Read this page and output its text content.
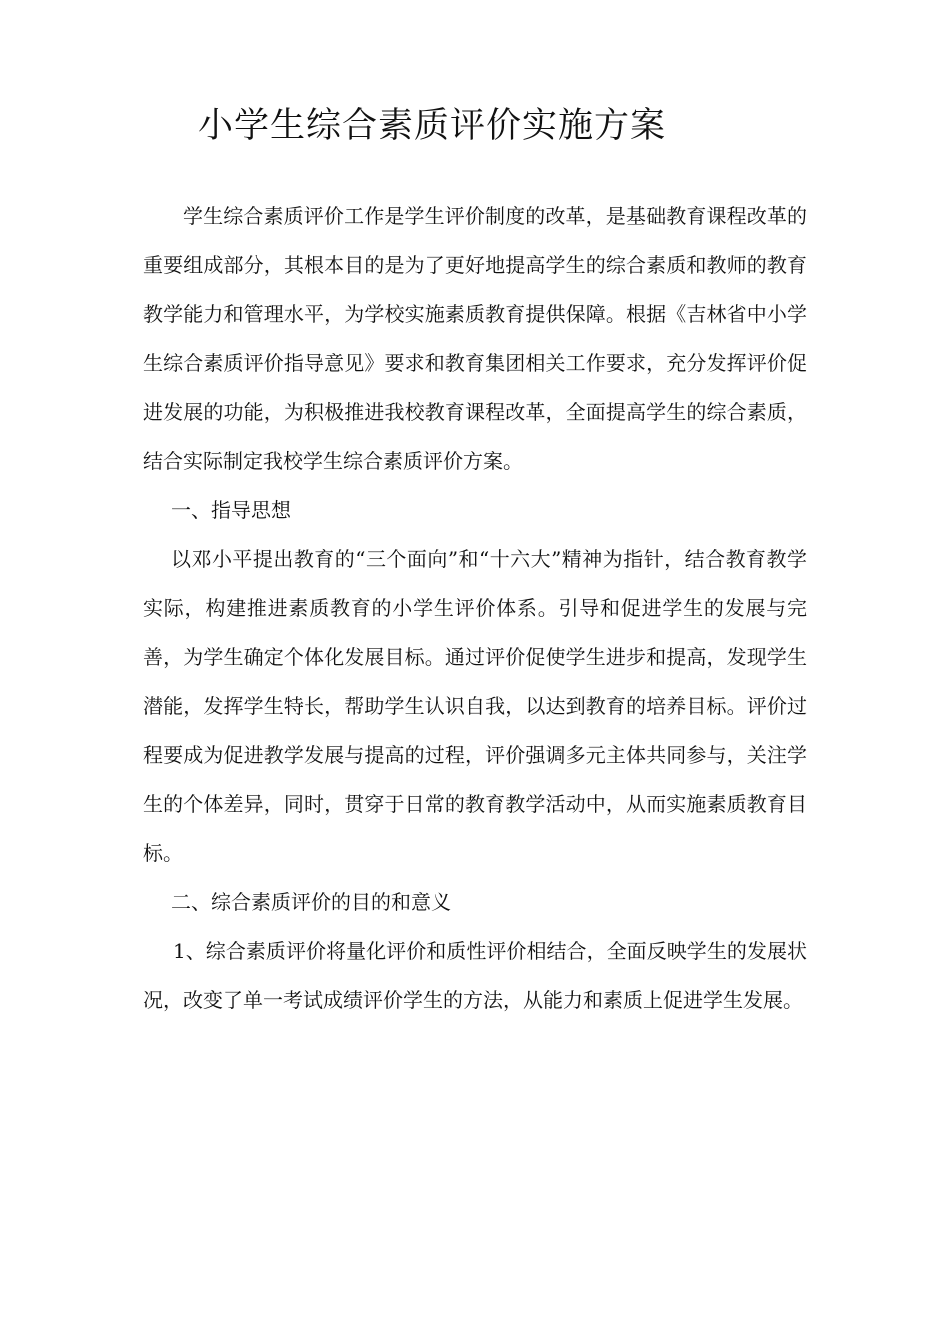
小学生综合素质评价实施方案

学生综合素质评价工作是学生评价制度的改革，是基础教育课程改革的重要组成部分，其根本目的是为了更好地提高学生的综合素质和教师的教育教学能力和管理水平，为学校实施素质教育提供保障。根据《吉林省中小学生综合素质评价指导意见》要求和教育集团相关工作要求，充分发挥评价促进发展的功能，为积极推进我校教育课程改革，全面提高学生的综合素质，结合实际制定我校学生综合素质评价方案。

一、指导思想

以邓小平提出教育的“三个面向”和“十六大”精神为指针，结合教育教学实际，构建推进素质教育的小学生评价体系。引导和促进学生的发展与完善，为学生确定个体化发展目标。通过评价促使学生进步和提高，发现学生潜能，发挥学生特长，帮助学生认识自我，以达到教育的培养目标。评价过程要成为促进教学发展与提高的过程，评价强调多元主体共同参与，关注学生的个体差异，同时，贯穿于日常的教育教学活动中，从而实施素质教育目标。

二、综合素质评价的目的和意义

1、综合素质评价将量化评价和质性评价相结合，全面反映学生的发展状况，改变了单一考试成绩评价学生的方法，从能力和素质上促进学生发展。
